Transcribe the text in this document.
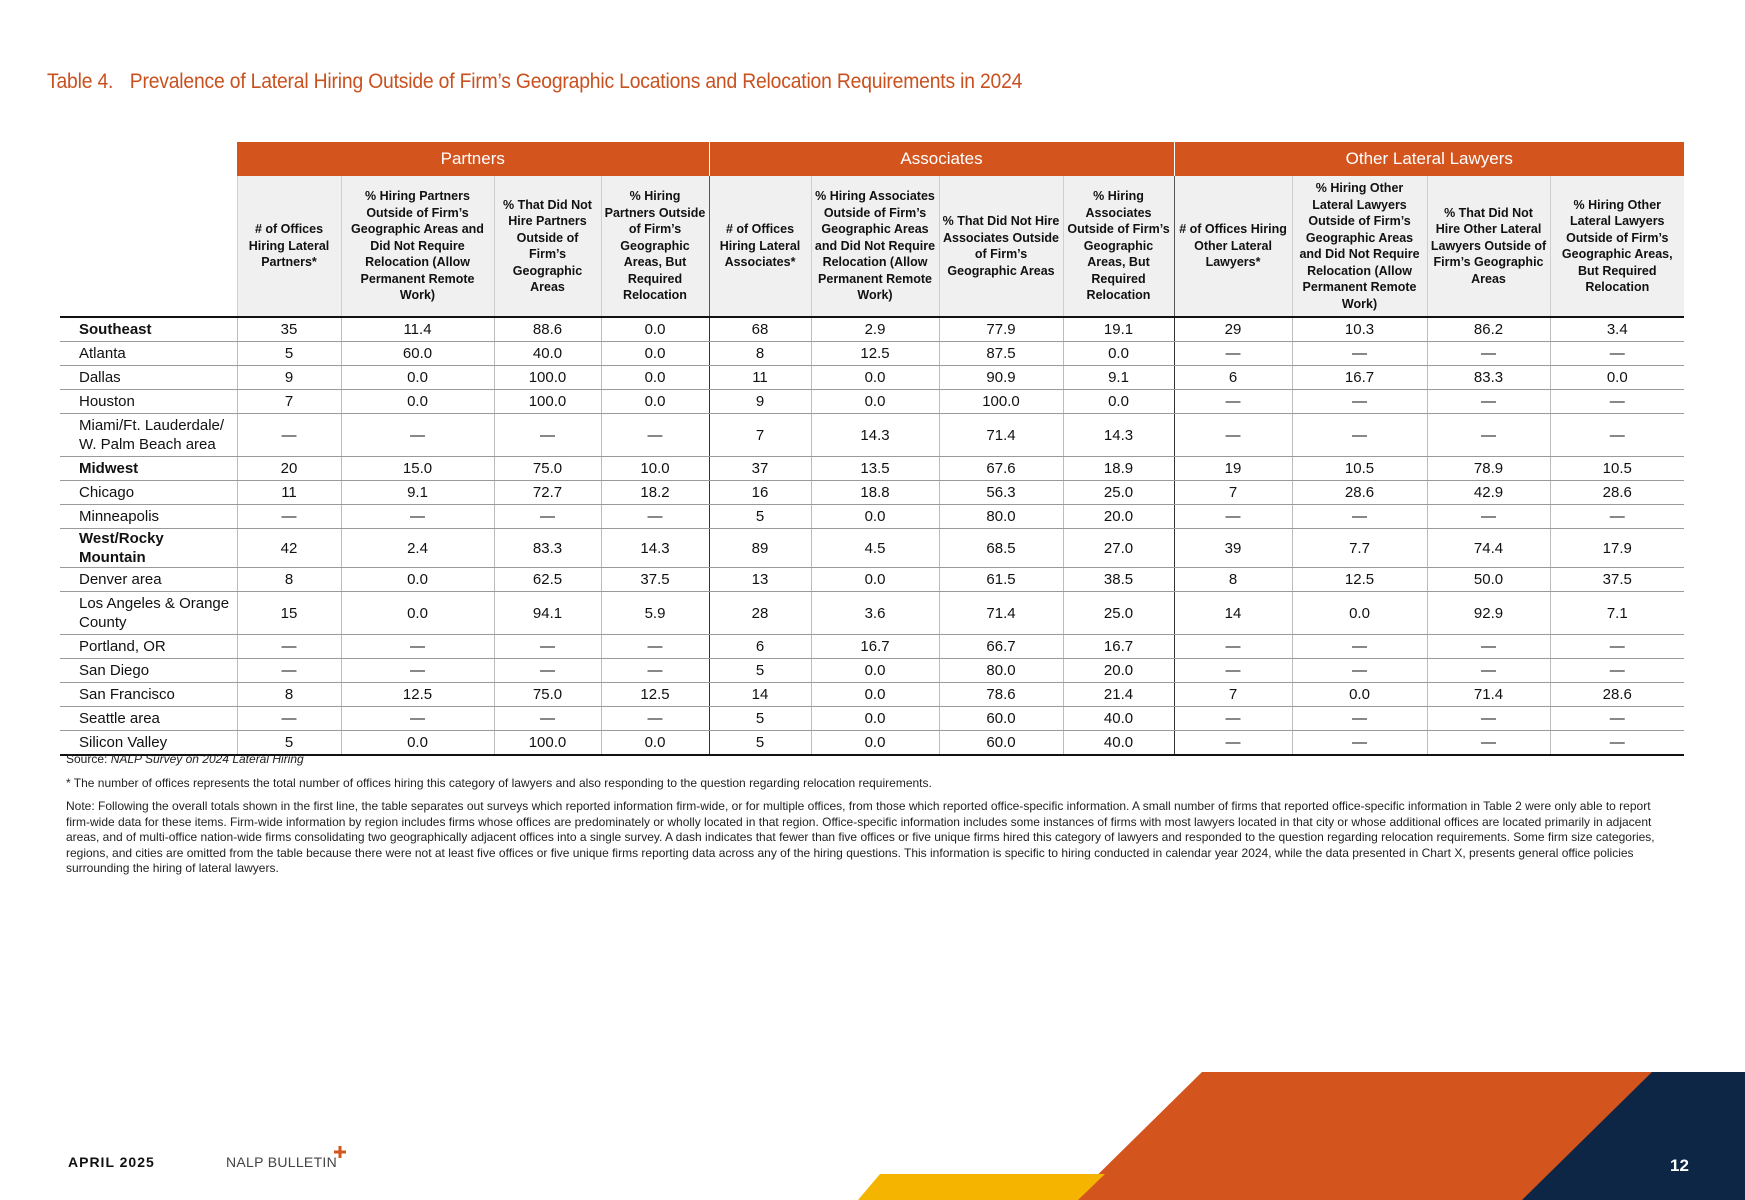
Table 4. Prevalence of Lateral Hiring Outside of Firm’s Geographic Locations and Relocation Requirements in 2024
	Partners				Associates				Other Lateral Lawyers			
	# of Offices Hiring Lateral Partners*	% Hiring Partners Outside of Firm’s Geographic Areas and Did Not Require Relocation (Allow Permanent Remote Work)	% That Did Not Hire Partners Outside of Firm’s Geographic Areas	% Hiring Partners Outside of Firm’s Geographic Areas, But Required Relocation	# of Offices Hiring Lateral Associates*	% Hiring Associates Outside of Firm’s Geographic Areas and Did Not Require Relocation (Allow Permanent Remote Work)	% That Did Not Hire Associates Outside of Firm’s Geographic Areas	% Hiring Associates Outside of Firm’s Geographic Areas, But Required Relocation	# of Offices Hiring Other Lateral Lawyers*	% Hiring Other Lateral Lawyers Outside of Firm’s Geographic Areas and Did Not Require Relocation (Allow Permanent Remote Work)	% That Did Not Hire Other Lateral Lawyers Outside of Firm’s Geographic Areas	% Hiring Other Lateral Lawyers Outside of Firm’s Geographic Areas, But Required Relocation
Southeast	35	11.4	88.6	0.0	68	2.9	77.9	19.1	29	10.3	86.2	3.4
Atlanta	5	60.0	40.0	0.0	8	12.5	87.5	0.0	—	—	—	—
Dallas	9	0.0	100.0	0.0	11	0.0	90.9	9.1	6	16.7	83.3	0.0
Houston	7	0.0	100.0	0.0	9	0.0	100.0	0.0	—	—	—	—
Miami/Ft. Lauderdale/ W. Palm Beach area	—	—	—	—	7	14.3	71.4	14.3	—	—	—	—
Midwest	20	15.0	75.0	10.0	37	13.5	67.6	18.9	19	10.5	78.9	10.5
Chicago	11	9.1	72.7	18.2	16	18.8	56.3	25.0	7	28.6	42.9	28.6
Minneapolis	—	—	—	—	5	0.0	80.0	20.0	—	—	—	—
West/Rocky Mountain	42	2.4	83.3	14.3	89	4.5	68.5	27.0	39	7.7	74.4	17.9
Denver area	8	0.0	62.5	37.5	13	0.0	61.5	38.5	8	12.5	50.0	37.5
Los Angeles & Orange County	15	0.0	94.1	5.9	28	3.6	71.4	25.0	14	0.0	92.9	7.1
Portland, OR	—	—	—	—	6	16.7	66.7	16.7	—	—	—	—
San Diego	—	—	—	—	5	0.0	80.0	20.0	—	—	—	—
San Francisco	8	12.5	75.0	12.5	14	0.0	78.6	21.4	7	0.0	71.4	28.6
Seattle area	—	—	—	—	5	0.0	60.0	40.0	—	—	—	—
Silicon Valley	5	0.0	100.0	0.0	5	0.0	60.0	40.0	—	—	—	—

Source: NALP Survey on 2024 Lateral Hiring

* The number of offices represents the total number of offices hiring this category of lawyers and also responding to the question regarding relocation requirements.

Note: Following the overall totals shown in the first line, the table separates out surveys which reported information firm-wide, or for multiple offices, from those which reported office-specific information. A small number of firms that reported office-specific information in Table 2 were only able to report firm-wide data for these items. Firm-wide information by region includes firms whose offices are predominately or wholly located in that region. Office-specific information includes some instances of firms with most lawyers located in that city or whose additional offices are located primarily in adjacent areas, and of multi-office nation-wide firms consolidating two geographically adjacent offices into a single survey. A dash indicates that fewer than five offices or five unique firms hired this category of lawyers and responded to the question regarding relocation requirements. Some firm size categories, regions, and cities are omitted from the table because there were not at least five offices or five unique firms reporting data across any of the hiring questions. This information is specific to hiring conducted in calendar year 2024, while the data presented in Chart X, presents general office policies surrounding the hiring of lateral lawyers.

APRIL 2025	NALP BULLETIN	12
